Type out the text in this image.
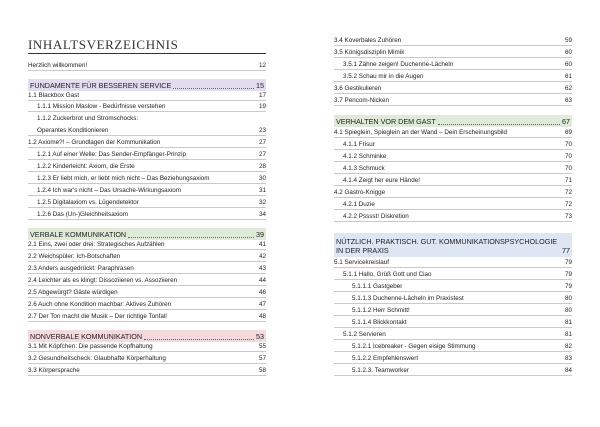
INHALTSVERZEICHNIS
Herzlich willkommen!	12
FUNDAMENTE FÜR BESSEREN SERVICE	15
1.1 Blackbox Gast	17
1.1.1 Mission Maslow - Bedürfnisse verstehen	19
1.1.2 Zuckerbrot und Stromschocks:
Operantes Konditionieren	23
1.2 Axiome?! – Grundlagen der Kommunikation	27
1.2.1 Auf einer Welle: Das Sender-Empfänger-Prinzip	27
1.2.2 Kinderleicht: Axiom, die Erste	28
1.2.3 Er liebt mich, er liebt mich nicht – Das Beziehungsaxiom	30
1.2.4 Ich war's nicht – Das Ursache-Wirkungsaxiom	31
1.2.5 Digitalaxiom vs. Lügendetektor	32
1.2.6 Das (Un-)Gleichheitsaxiom	34
VERBALE KOMMUNIKATION	39
2.1 Eins, zwei oder drei: Strategisches Aufzählen	41
2.2 Weichspüler: Ich-Botschaften	42
2.3 Anders ausgedrückt: Paraphrasen	43
2.4 Leichter als es klingt: Dissoziieren vs. Assoziieren	44
2.5 Abgewürgt? Gäste würdigen	46
2.6 Auch ohne Kondition machbar: Aktives Zuhören	47
2.7 Der Ton macht die Musik – Der richtige Tonfall	48
NONVERBALE KOMMUNIKATION	53
3.1 Mit Köpfchen: Die passende Kopfhaltung	55
3.2 Gesundheitscheck: Glaubhafte Körperhaltung	57
3.3 Körpersprache	58
3.4 Koverbales Zuhören	59
3.5 Königsdisziplin Mimik	60
3.5.1 Zähne zeigen! Duchenne-Lächeln	60
3.5.2 Schau mir in die Augen	61
3.6 Gestikulieren	62
3.7 Pencom-Nicken	63
VERHALTEN VOR DEM GAST	67
4.1 Spieglein, Spieglein an der Wand – Dein Erscheinungsbild	69
4.1.1 Frisur	70
4.1.2 Schminke	70
4.1.3 Schmuck	70
4.1.4 Zeigt her eure Hände!	71
4.2 Gastro-Knigge	72
4.2.1 Duzie	72
4.2.2 Psssst! Diskretion	73
NÜTZLICH. PRAKTISCH. GUT. KOMMUNIKATIONSPSYCHOLOGIE IN DER PRAXIS	77
5.1 Servicekreislauf	79
5.1.1 Hallo, Grüß Gott und Ciao	79
5.1.1.1 Gastgeber	79
5.1.1.3 Duchenne-Lächeln im Praxistest	80
5.1.1.2 Herr Schmitt!	80
5.1.1.4 Blickkontakt	81
5.1.2 Servieren	81
5.1.2.1 Icebreaker - Gegen eisige Stimmung	82
5.1.2.2 Empfehlenswert	83
5.1.2.3. Teamworker	84
